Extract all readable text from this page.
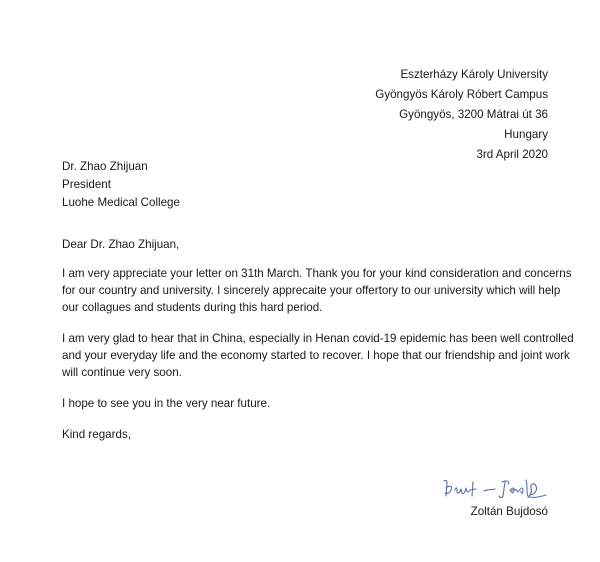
Eszterházy Károly University
Gyöngyös Károly Róbert Campus
Gyöngyös, 3200 Mátrai út 36
Hungary
3rd April 2020
Dr. Zhao Zhijuan
President
Luohe Medical College

Dear Dr. Zhao Zhijuan,

I am very appreciate your letter on 31th March. Thank you for your kind consideration and concerns
for our country and university. I sincerely apprecaite your offertory to our university which will help
our collagues and students during this hard period.

I am very glad to hear that in China, especially in Henan covid-19 epidemic has been well controlled
and your everyday life and the economy started to recover. I hope that our friendship and joint work
will continue very soon.

I hope to see you in the very near future.

Kind regards,

Zoltán Bujdosó
